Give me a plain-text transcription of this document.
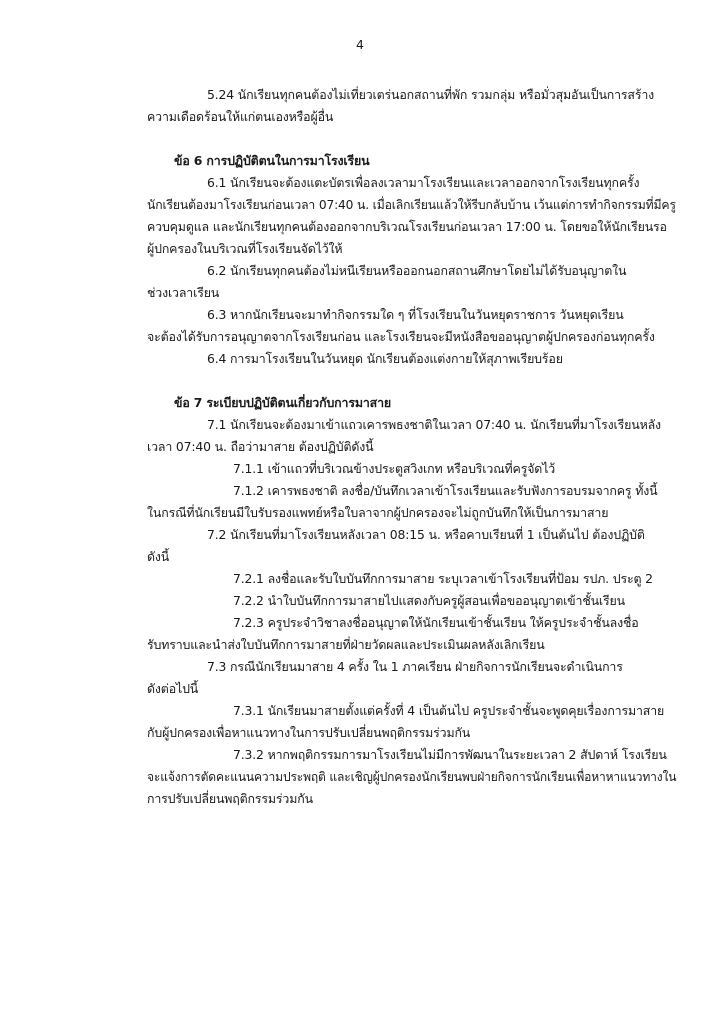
4
5.24 นักเรียนทุกคนต้องไม่เที่ยวเตร่นอกสถานที่พัก รวมกลุ่ม หรือมั่วสุมอันเป็นการสร้าง
ความเดือดร้อนให้แก่ตนเองหรือผู้อื่น
ข้อ 6 การปฏิบัติตนในการมาโรงเรียน
6.1 นักเรียนจะต้องแตะบัตรเพื่อลงเวลามาโรงเรียนและเวลาออกจากโรงเรียนทุกครั้ง
นักเรียนต้องมาโรงเรียนก่อนเวลา 07:40 น. เมื่อเลิกเรียนแล้วให้รีบกลับบ้าน เว้นแต่การทำกิจกรรมที่มีครู
ควบคุมดูแล และนักเรียนทุกคนต้องออกจากบริเวณโรงเรียนก่อนเวลา 17:00 น. โดยขอให้นักเรียนรอ
ผู้ปกครองในบริเวณที่โรงเรียนจัดไว้ให้
6.2 นักเรียนทุกคนต้องไม่หนีเรียนหรือออกนอกสถานศึกษาโดยไม่ได้รับอนุญาตใน
ช่วงเวลาเรียน
6.3 หากนักเรียนจะมาทำกิจกรรมใด ๆ ที่โรงเรียนในวันหยุดราชการ วันหยุดเรียน
จะต้องได้รับการอนุญาตจากโรงเรียนก่อน และโรงเรียนจะมีหนังสือขออนุญาตผู้ปกครองก่อนทุกครั้ง
6.4 การมาโรงเรียนในวันหยุด นักเรียนต้องแต่งกายให้สุภาพเรียบร้อย
ข้อ 7 ระเบียบปฏิบัติตนเกี่ยวกับการมาสาย
7.1 นักเรียนจะต้องมาเข้าแถวเคารพธงชาติในเวลา 07:40 น. นักเรียนที่มาโรงเรียนหลัง
เวลา 07:40 น. ถือว่ามาสาย ต้องปฏิบัติดังนี้
7.1.1 เข้าแถวที่บริเวณข้างประตูสวิงเกท หรือบริเวณที่ครูจัดไว้
7.1.2 เคารพธงชาติ ลงชื่อ/บันทึกเวลาเข้าโรงเรียนและรับฟังการอบรมจากครู ทั้งนี้
ในกรณีที่นักเรียนมีใบรับรองแพทย์หรือใบลาจากผู้ปกครองจะไม่ถูกบันทึกให้เป็นการมาสาย
7.2 นักเรียนที่มาโรงเรียนหลังเวลา 08:15 น. หรือคาบเรียนที่ 1 เป็นต้นไป ต้องปฏิบัติ
ดังนี้
7.2.1 ลงชื่อและรับใบบันทึกการมาสาย ระบุเวลาเข้าโรงเรียนที่ป้อม รปภ. ประตู 2
7.2.2 นำใบบันทึกการมาสายไปแสดงกับครูผู้สอนเพื่อขออนุญาตเข้าชั้นเรียน
7.2.3 ครูประจำวิชาลงชื่ออนุญาตให้นักเรียนเข้าชั้นเรียน ให้ครูประจำชั้นลงชื่อ
รับทราบและนำส่งใบบันทึกการมาสายที่ฝ่ายวัดผลและประเมินผลหลังเลิกเรียน
7.3 กรณีนักเรียนมาสาย 4 ครั้ง ใน 1 ภาคเรียน ฝ่ายกิจการนักเรียนจะดำเนินการ
ดังต่อไปนี้
7.3.1 นักเรียนมาสายตั้งแต่ครั้งที่ 4 เป็นต้นไป ครูประจำชั้นจะพูดคุยเรื่องการมาสาย
กับผู้ปกครองเพื่อหาแนวทางในการปรับเปลี่ยนพฤติกรรมร่วมกัน
7.3.2 หากพฤติกรรมการมาโรงเรียนไม่มีการพัฒนาในระยะเวลา 2 สัปดาห์ โรงเรียน
จะแจ้งการตัดคะแนนความประพฤติ และเชิญผู้ปกครองนักเรียนพบฝ่ายกิจการนักเรียนเพื่อหาหาแนวทางใน
การปรับเปลี่ยนพฤติกรรมร่วมกัน
